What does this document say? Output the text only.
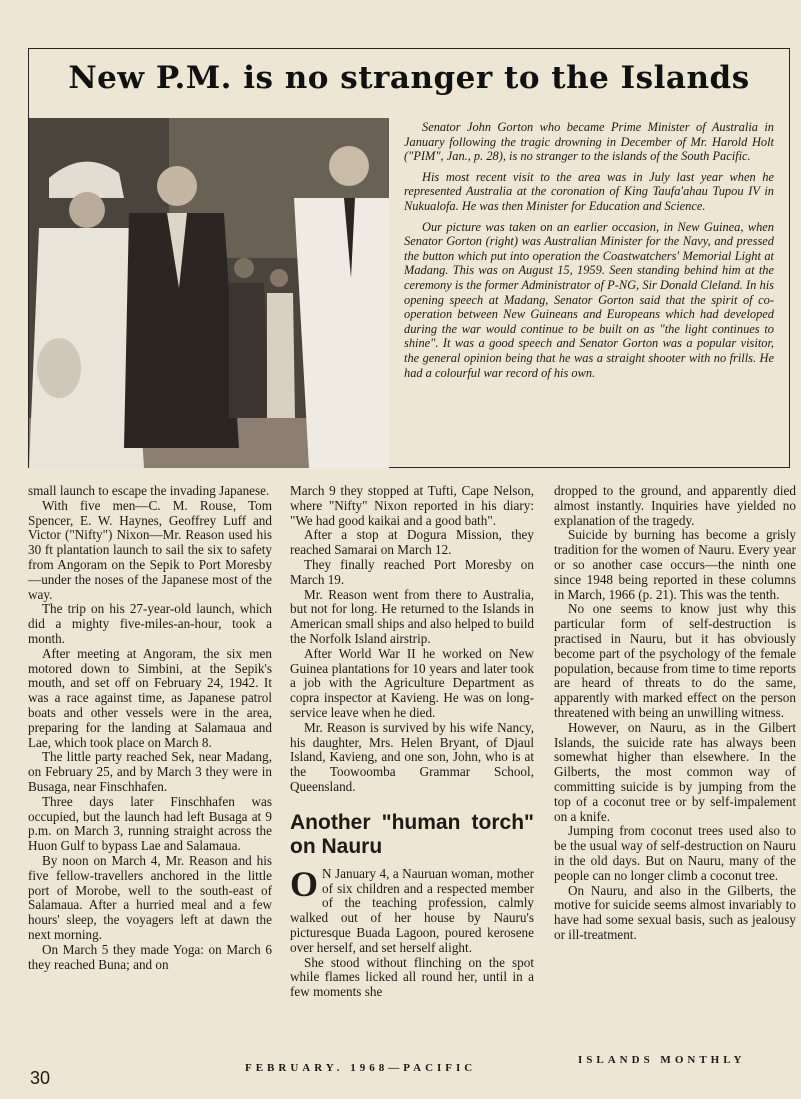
New P.M. is no stranger to the Islands

Senator John Gorton who became Prime Minister of Australia in January following the tragic drowning in December of Mr. Harold Holt ("PIM", Jan., p. 28), is no stranger to the islands of the South Pacific.

His most recent visit to the area was in July last year when he represented Australia at the coronation of King Taufa'ahau Tupou IV in Nukualofa. He was then Minister for Education and Science.

Our picture was taken on an earlier occasion, in New Guinea, when Senator Gorton (right) was Australian Minister for the Navy, and pressed the button which put into operation the Coastwatchers' Memorial Light at Madang. This was on August 15, 1959. Seen standing behind him at the ceremony is the former Administrator of P-NG, Sir Donald Cleland. In his opening speech at Madang, Senator Gorton said that the spirit of co-operation between New Guineans and Europeans which had developed during the war would continue to be built on as "the light continues to shine". It was a good speech and Senator Gorton was a popular visitor, the general opinion being that he was a straight shooter with no frills. He had a colourful war record of his own.

small launch to escape the invading Japanese.

With five men—C. M. Rouse, Tom Spencer, E. W. Haynes, Geoffrey Luff and Victor ("Nifty") Nixon—Mr. Reason used his 30 ft plantation launch to sail the six to safety from Angoram on the Sepik to Port Moresby—under the noses of the Japanese most of the way.

The trip on his 27-year-old launch, which did a mighty five-miles-an-hour, took a month.

After meeting at Angoram, the six men motored down to Simbini, at the Sepik's mouth, and set off on February 24, 1942. It was a race against time, as Japanese patrol boats and other vessels were in the area, preparing for the landing at Salamaua and Lae, which took place on March 8.

The little party reached Sek, near Madang, on February 25, and by March 3 they were in Busaga, near Finschhafen.

Three days later Finschhafen was occupied, but the launch had left Busaga at 9 p.m. on March 3, running straight across the Huon Gulf to bypass Lae and Salamaua.

By noon on March 4, Mr. Reason and his five fellow-travellers anchored in the little port of Morobe, well to the south-east of Salamaua. After a hurried meal and a few hours' sleep, the voyagers left at dawn the next morning.

On March 5 they made Yoga: on March 6 they reached Buna; and on

March 9 they stopped at Tufti, Cape Nelson, where "Nifty" Nixon reported in his diary: "We had good kaikai and a good bath".

After a stop at Dogura Mission, they reached Samarai on March 12.

They finally reached Port Moresby on March 19.

Mr. Reason went from there to Australia, but not for long. He returned to the Islands in American small ships and also helped to build the Norfolk Island airstrip.

After World War II he worked on New Guinea plantations for 10 years and later took a job with the Agriculture Department as copra inspector at Kavieng. He was on long-service leave when he died.

Mr. Reason is survived by his wife Nancy, his daughter, Mrs. Helen Bryant, of Djaul Island, Kavieng, and one son, John, who is at the Toowoomba Grammar School, Queensland.

Another "human torch" on Nauru

O N January 4, a Nauruan woman, mother of six children and a respected member of the teaching profession, calmly walked out of her house by Nauru's picturesque Buada Lagoon, poured kerosene over herself, and set herself alight.

She stood without flinching on the spot while flames licked all round her, until in a few moments she

dropped to the ground, and apparently died almost instantly. Inquiries have yielded no explanation of the tragedy.

Suicide by burning has become a grisly tradition for the women of Nauru. Every year or so another case occurs—the ninth one since 1948 being reported in these columns in March, 1966 (p. 21). This was the tenth.

No one seems to know just why this particular form of self-destruction is practised in Nauru, but it has obviously become part of the psychology of the female population, because from time to time reports are heard of threats to do the same, apparently with marked effect on the person threatened with being an unwilling witness.

However, on Nauru, as in the Gilbert Islands, the suicide rate has always been somewhat higher than elsewhere. In the Gilberts, the most common way of committing suicide is by jumping from the top of a coconut tree or by self-impalement on a knife.

Jumping from coconut trees used also to be the usual way of self-destruction on Nauru in the old days. But on Nauru, many of the people can no longer climb a coconut tree.

On Nauru, and also in the Gilberts, the motive for suicide seems almost invariably to have had some sexual basis, such as jealousy or ill-treatment.

30	FEBRUARY. 1968—PACIFIC
ISLANDS MONTHLY
